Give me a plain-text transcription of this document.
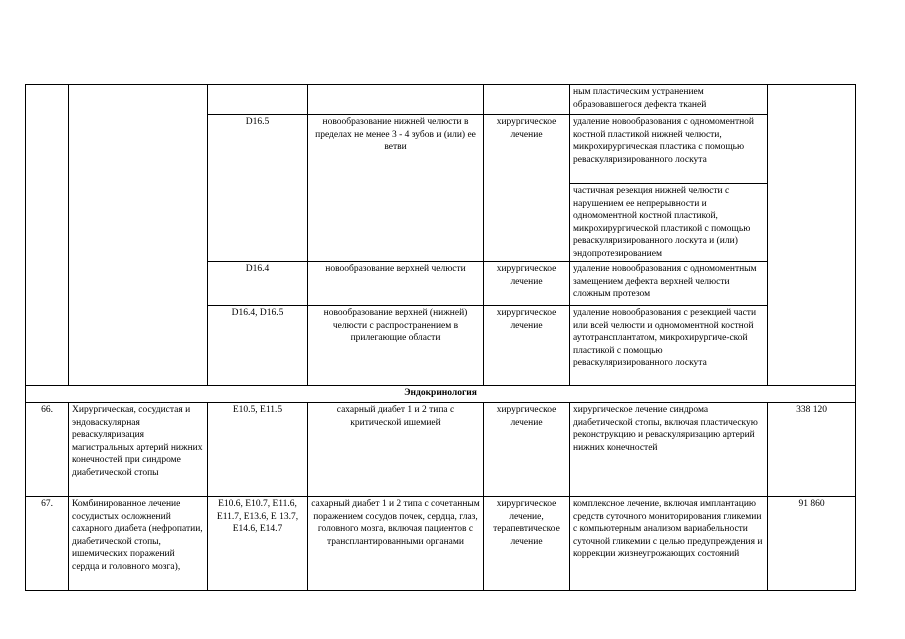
					ным пластическим устранением образовавшегося дефекта тканей	
		D16.5	новообразование нижней челюсти в пределах не менее 3 - 4 зубов и (или) ее ветви	хирургическое лечение	удаление новообразования с одномоментной костной пластикой нижней челюсти, микрохирургическая пластика с помощью реваскуляризированного лоскута	
					частичная резекция нижней челюсти с нарушением ее непрерывности и одномоментной костной пластикой, микрохирургической пластикой с помощью реваскуляризированного лоскута и (или) эндопротезированием	
		D16.4	новообразование верхней челюсти	хирургическое лечение	удаление новообразования с одномоментным замещением дефекта верхней челюсти сложным протезом	
		D16.4, D16.5	новообразование верхней (нижней) челюсти с распространением в прилегающие области	хирургическое лечение	удаление новообразования с резекцией части или всей челюсти и одномоментной костной аутотрансплантатом, микрохирургиче-ской пластикой с помощью реваскуляризированного лоскута	
Эндокринология						
66.	Хирургическая, сосудистая и эндоваскулярная реваскуляризация магистральных артерий нижних конечностей при синдроме диабетической стопы	E10.5, E11.5	сахарный диабет 1 и 2 типа с критической ишемией	хирургическое лечение	хирургическое лечение синдрома диабетической стопы, включая пластическую реконструкцию и реваскуляризацию артерий нижних конечностей	338 120
67.	Комбинированное лечение сосудистых осложнений сахарного диабета (нефропатии, диабетической стопы, ишемических поражений сердца и головного мозга),	E10.6, E10.7, E11.6, E11.7, E13.6, E 13.7, E14.6, E14.7	сахарный диабет 1 и 2 типа с сочетанным поражением сосудов почек, сердца, глаз, головного мозга, включая пациентов с трансплантированными органами	хирургическое лечение, терапевтическое лечение	комплексное лечение, включая имплантацию средств суточного мониторирования гликемии с компьютерным анализом вариабельности суточной гликемии с целью предупреждения и коррекции жизнеугрожающих состояний	91 860
